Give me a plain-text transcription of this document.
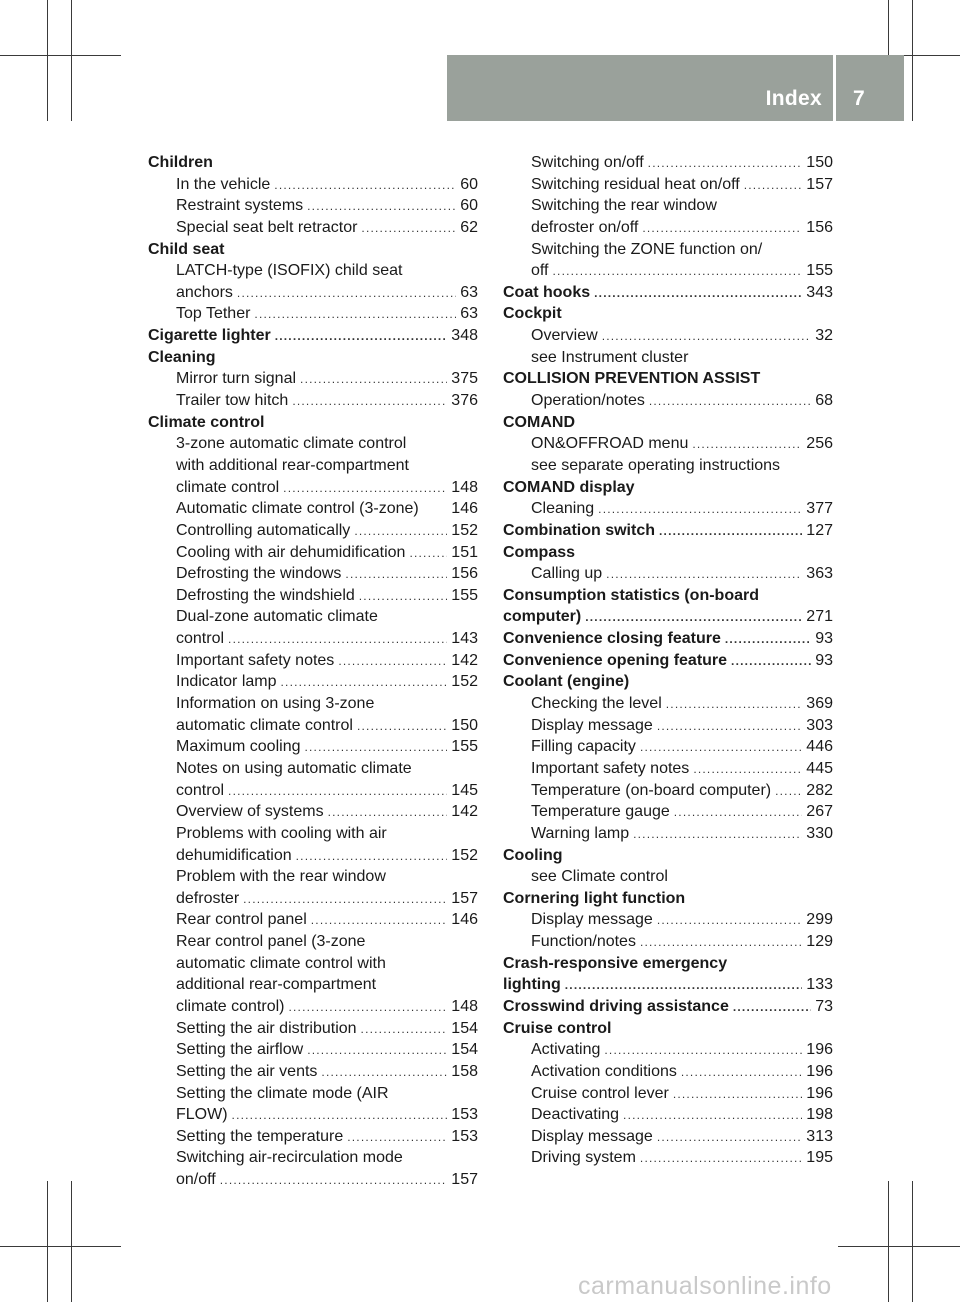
Index 7
Children
In the vehicle .....	60
Restraint systems .....	60
Special seat belt retractor .....	62
Child seat
LATCH-type (ISOFIX) child seat
anchors .....	63
Top Tether .....	63
Cigarette lighter .....	348
Cleaning
Mirror turn signal .....	375
Trailer tow hitch .....	376
Climate control
3-zone automatic climate control
with additional rear-compartment
climate control .....	148
Automatic climate control (3-zone) 146
Controlling automatically .....	152
Cooling with air dehumidification .....	151
Defrosting the windows .....	156
Defrosting the windshield .....	155
Dual-zone automatic climate
control .....	143
Important safety notes .....	142
Indicator lamp .....	152
Information on using 3-zone
automatic climate control .....	150
Maximum cooling .....	155
Notes on using automatic climate
control .....	145
Overview of systems .....	142
Problems with cooling with air
dehumidification .....	152
Problem with the rear window
defroster .....	157
Rear control panel .....	146
Rear control panel (3-zone
automatic climate control with
additional rear-compartment
climate control) .....	148
Setting the air distribution .....	154
Setting the airflow .....	154
Setting the air vents .....	158
Setting the climate mode (AIR
FLOW) .....	153
Setting the temperature .....	153
Switching air-recirculation mode
on/off .....	157
Switching on/off .....	150
Switching residual heat on/off .....	157
Switching the rear window
defroster on/off .....	156
Switching the ZONE function on/
off .....	155
Coat hooks .....	343
Cockpit
Overview .....	32
see Instrument cluster
COLLISION PREVENTION ASSIST
Operation/notes .....	68
COMAND
ON&OFFROAD menu .....	256
see separate operating instructions
COMAND display
Cleaning .....	377
Combination switch .....	127
Compass
Calling up .....	363
Consumption statistics (on-board
computer) .....	271
Convenience closing feature .....	93
Convenience opening feature .....	93
Coolant (engine)
Checking the level .....	369
Display message .....	303
Filling capacity .....	446
Important safety notes .....	445
Temperature (on-board computer) ..... 282
Temperature gauge .....	267
Warning lamp .....	330
Cooling
see Climate control
Cornering light function
Display message .....	299
Function/notes .....	129
Crash-responsive emergency
lighting .....	133
Crosswind driving assistance .....	73
Cruise control
Activating .....	196
Activation conditions .....	196
Cruise control lever .....	196
Deactivating .....	198
Display message .....	313
Driving system .....	195
carmanualsonline.info
